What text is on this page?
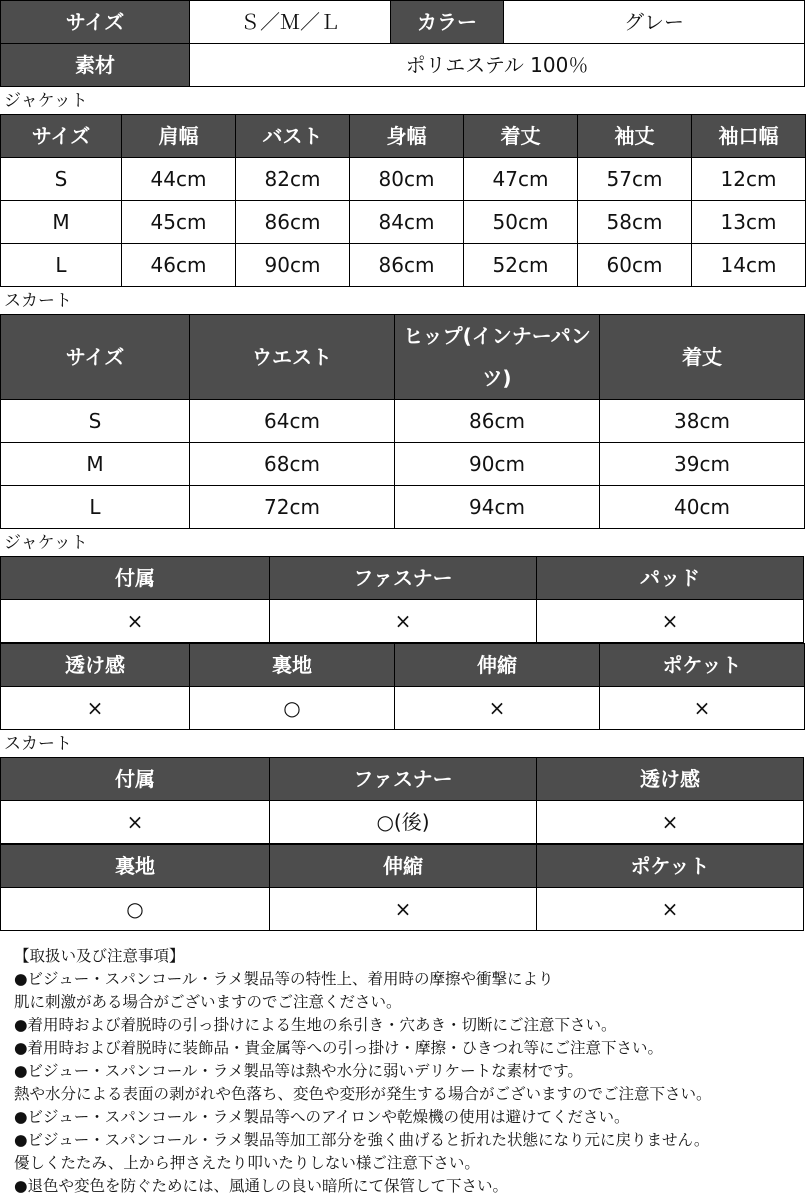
サイズ	Ｓ／Ｍ／Ｌ	カラー	グレー
素材	ポリエステル 100％		
ジャケット
サイズ	肩幅	バスト	身幅	着丈	袖丈	袖口幅
S	44cm	82cm	80cm	47cm	57cm	12cm
M	45cm	86cm	84cm	50cm	58cm	13cm
L	46cm	90cm	86cm	52cm	60cm	14cm
スカート
サイズ	ウエスト	ヒップ(インナーパンツ)	着丈
S	64cm	86cm	38cm
M	68cm	90cm	39cm
L	72cm	94cm	40cm
ジャケット
付属	ファスナー	パッド
×	×	×
透け感	裏地	伸縮	ポケット
×	○	×	×
スカート
付属	ファスナー	透け感
×	○(後)	×
裏地	伸縮	ポケット
○	×	×
【取扱い及び注意事項】
●ビジュー・スパンコール・ラメ製品等の特性上、着用時の摩擦や衝撃により
肌に刺激がある場合がございますのでご注意ください。
●着用時および着脱時の引っ掛けによる生地の糸引き・穴あき・切断にご注意下さい。
●着用時および着脱時に装飾品・貴金属等への引っ掛け・摩擦・ひきつれ等にご注意下さい。
●ビジュー・スパンコール・ラメ製品等は熱や水分に弱いデリケートな素材です。
熱や水分による表面の剥がれや色落ち、変色や変形が発生する場合がございますのでご注意下さい。
●ビジュー・スパンコール・ラメ製品等へのアイロンや乾燥機の使用は避けてください。
●ビジュー・スパンコール・ラメ製品等加工部分を強く曲げると折れた状態になり元に戻りません。
優しくたたみ、上から押さえたり叩いたりしない様ご注意下さい。
●退色や変色を防ぐためには、風通しの良い暗所にて保管して下さい。
